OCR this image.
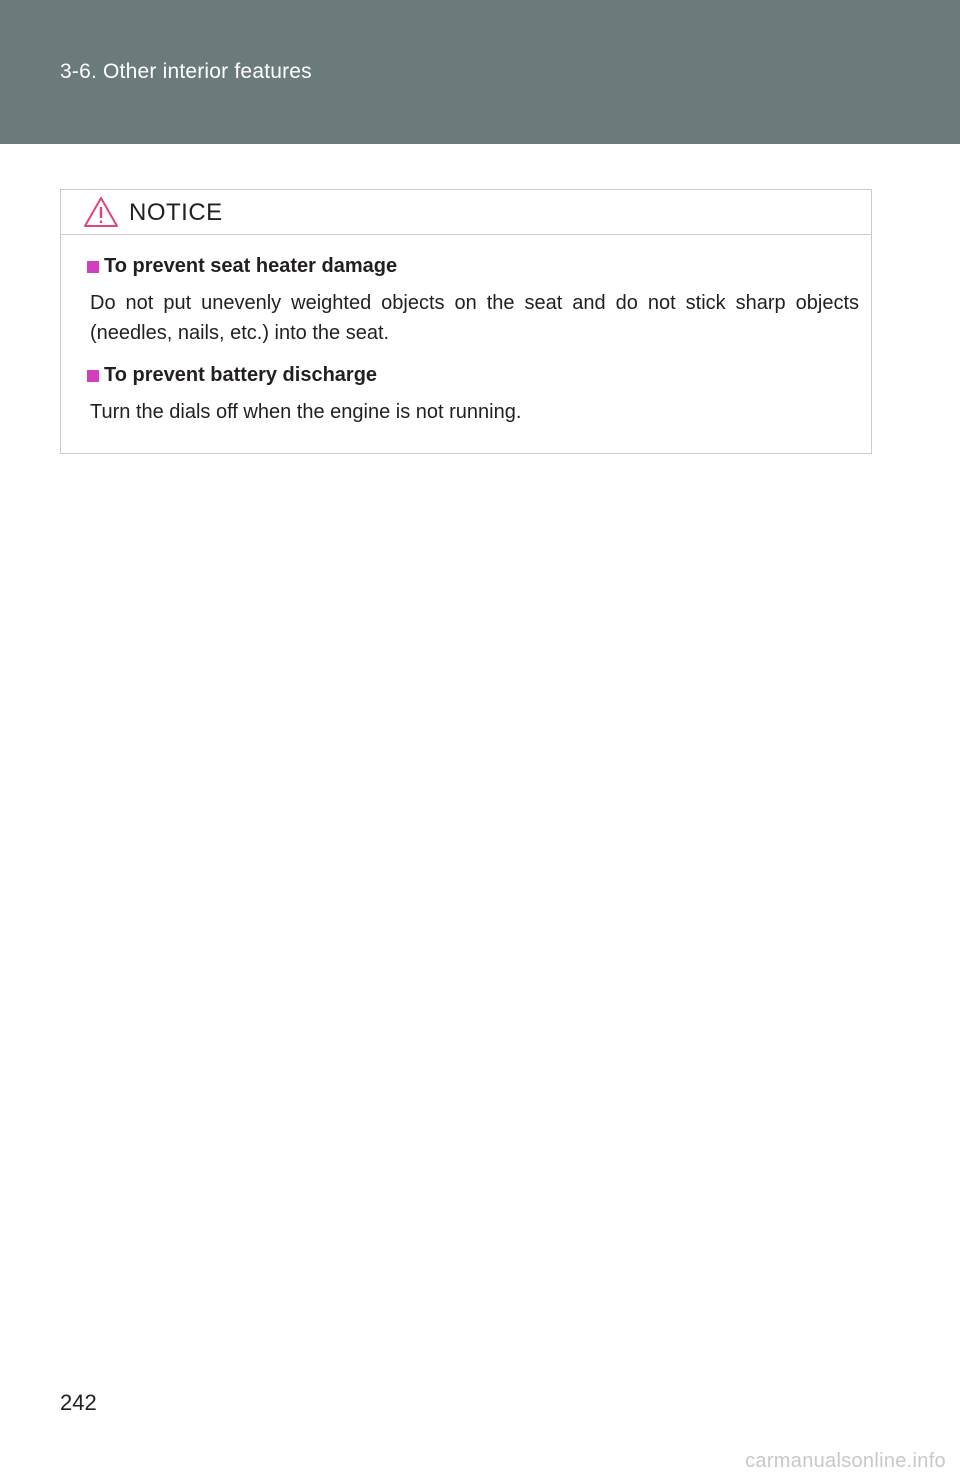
3-6. Other interior features
NOTICE
To prevent seat heater damage
Do not put unevenly weighted objects on the seat and do not stick sharp objects (needles, nails, etc.) into the seat.
To prevent battery discharge
Turn the dials off when the engine is not running.
242
carmanualsonline.info
